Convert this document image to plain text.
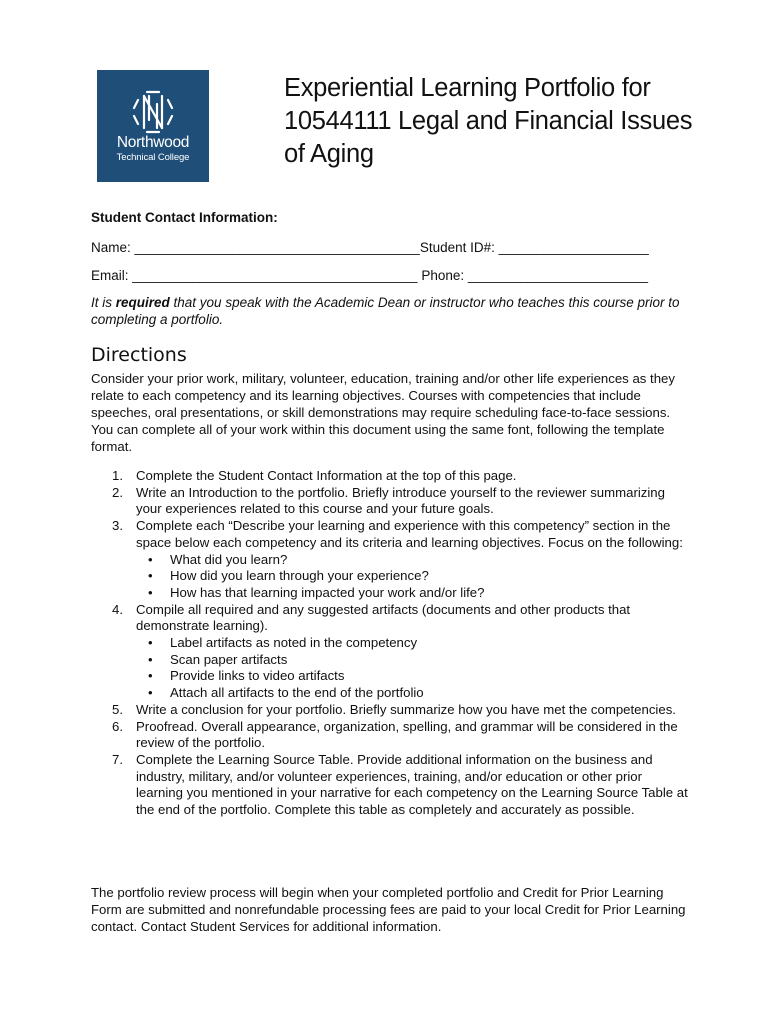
Northwood
Technical College
Experiential Learning Portfolio for 10544111 Legal and Financial Issues of Aging
Student Contact Information:
Name: ______________________________________Student ID#: ____________________
Email: ______________________________________ Phone: ________________________
It is required that you speak with the Academic Dean or instructor who teaches this course prior to completing a portfolio.
Directions
Consider your prior work, military, volunteer, education, training and/or other life experiences as they relate to each competency and its learning objectives. Courses with competencies that include speeches, oral presentations, or skill demonstrations may require scheduling face-to-face sessions. You can complete all of your work within this document using the same font, following the template format.
1. Complete the Student Contact Information at the top of this page.
2. Write an Introduction to the portfolio. Briefly introduce yourself to the reviewer summarizing your experiences related to this course and your future goals.
3. Complete each “Describe your learning and experience with this competency” section in the space below each competency and its criteria and learning objectives. Focus on the following:
• What did you learn?
• How did you learn through your experience?
• How has that learning impacted your work and/or life?
4. Compile all required and any suggested artifacts (documents and other products that demonstrate learning).
• Label artifacts as noted in the competency
• Scan paper artifacts
• Provide links to video artifacts
• Attach all artifacts to the end of the portfolio
5. Write a conclusion for your portfolio. Briefly summarize how you have met the competencies.
6. Proofread. Overall appearance, organization, spelling, and grammar will be considered in the review of the portfolio.
7. Complete the Learning Source Table. Provide additional information on the business and industry, military, and/or volunteer experiences, training, and/or education or other prior learning you mentioned in your narrative for each competency on the Learning Source Table at the end of the portfolio. Complete this table as completely and accurately as possible.
The portfolio review process will begin when your completed portfolio and Credit for Prior Learning Form are submitted and nonrefundable processing fees are paid to your local Credit for Prior Learning contact. Contact Student Services for additional information.
